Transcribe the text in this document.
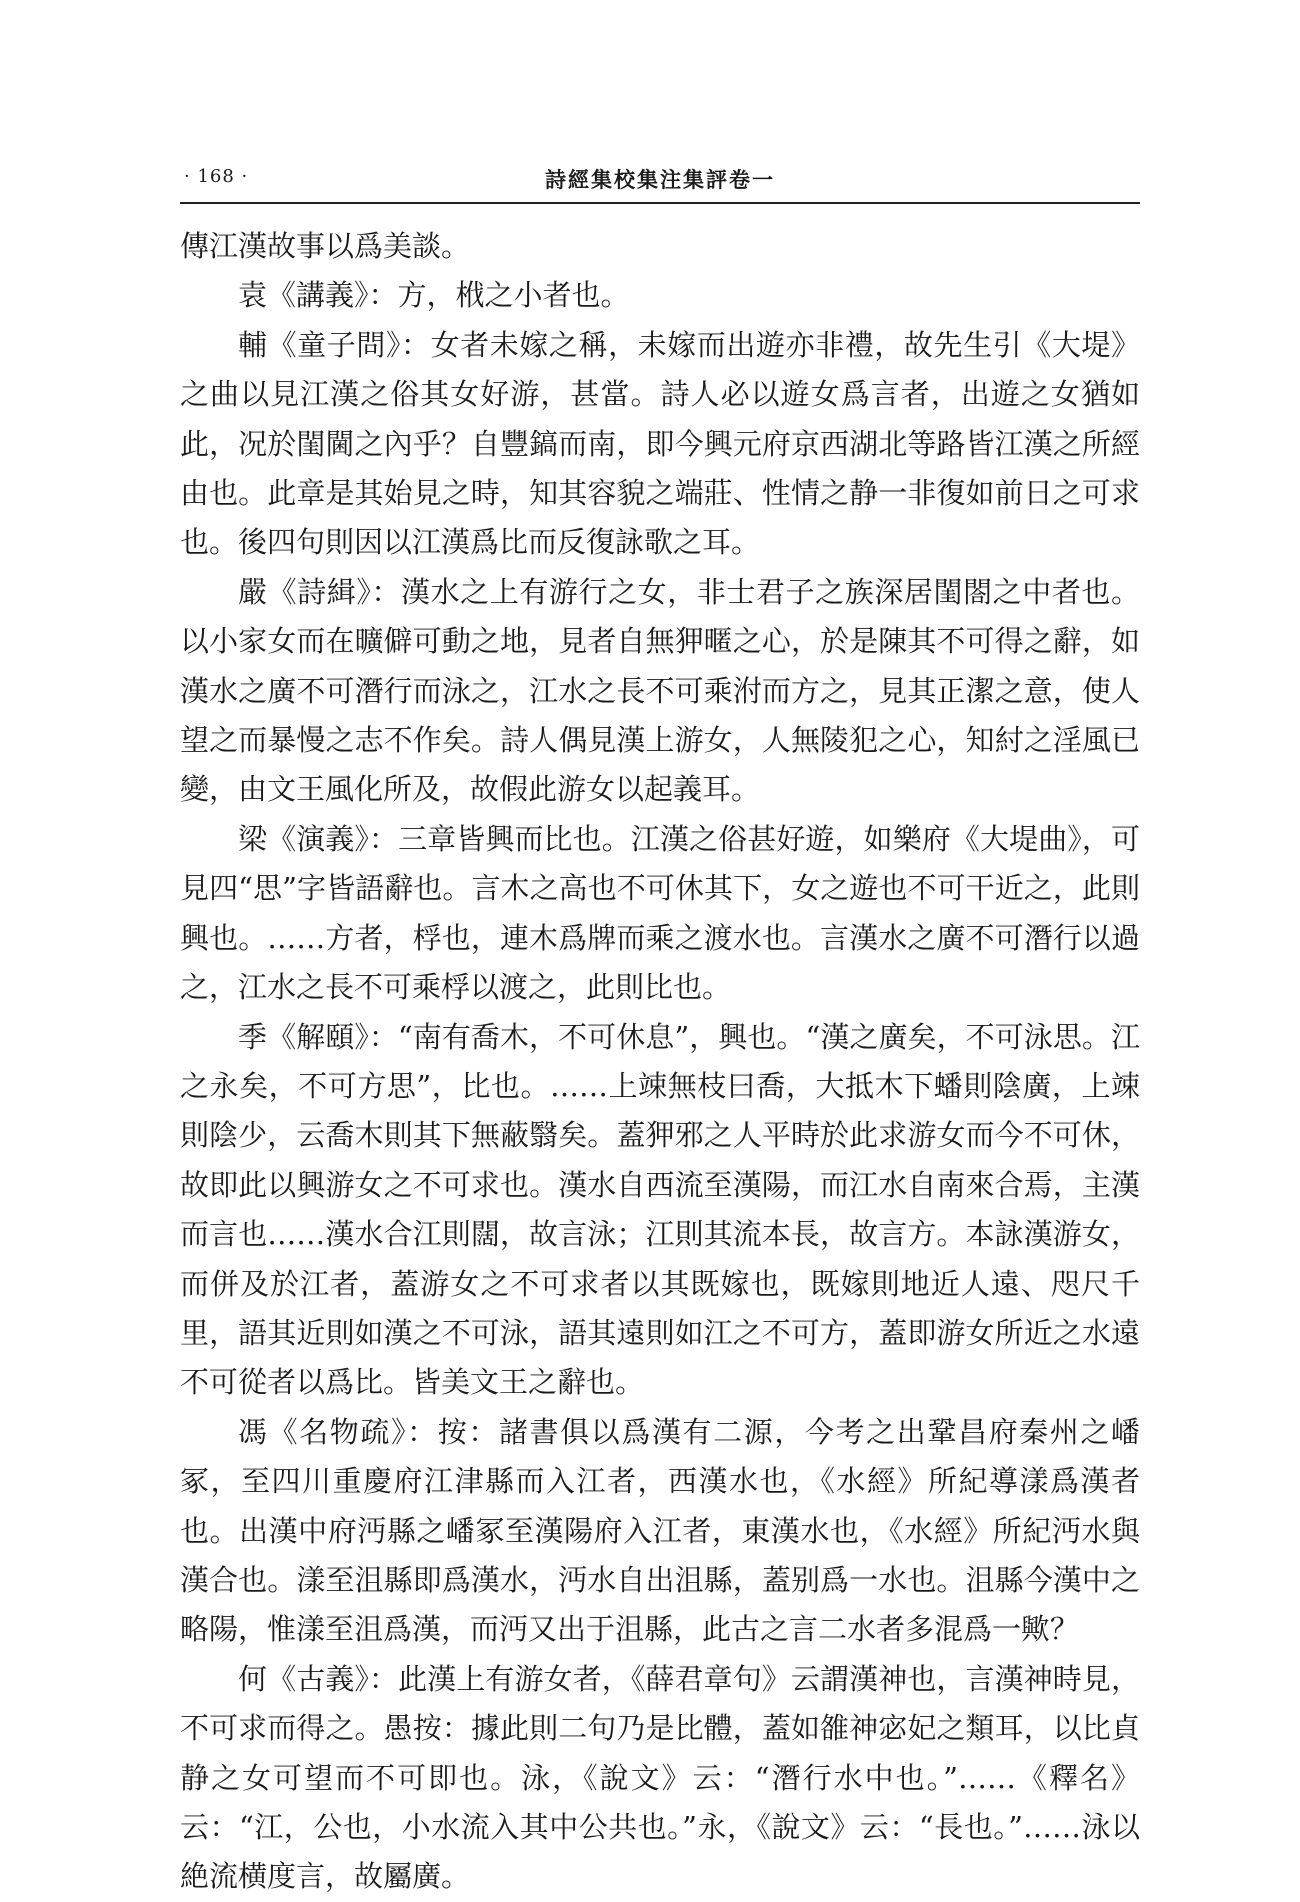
· 168 ·	詩經集校集注集評卷一

傳江漢故事以爲美談。

袁《講義》：方，栰之小者也。

輔《童子問》：女者未嫁之稱，未嫁而出遊亦非禮，故先生引《大堤》之曲以見江漢之俗其女好游，甚當。詩人必以遊女爲言者，出遊之女猶如此，况於閨閫之內乎？自豐鎬而南，即今興元府京西湖北等路皆江漢之所經由也。此章是其始見之時，知其容貌之端莊、性情之静一非復如前日之可求也。後四句則因以江漢爲比而反復詠歌之耳。

嚴《詩緝》：漢水之上有游行之女，非士君子之族深居閨閤之中者也。以小家女而在曠僻可動之地，見者自無狎暱之心，於是陳其不可得之辭，如漢水之廣不可潛行而泳之，江水之長不可乘泭而方之，見其正潔之意，使人望之而暴慢之志不作矣。詩人偶見漢上游女，人無陵犯之心，知紂之淫風已變，由文王風化所及，故假此游女以起義耳。

梁《演義》：三章皆興而比也。江漢之俗甚好遊，如樂府《大堤曲》，可見四“思”字皆語辭也。言木之高也不可休其下，女之遊也不可干近之，此則興也。……方者，桴也，連木爲牌而乘之渡水也。言漢水之廣不可潛行以過之，江水之長不可乘桴以渡之，此則比也。

季《解頤》：“南有喬木，不可休息”，興也。“漢之廣矣，不可泳思。江之永矣，不可方思”，比也。……上竦無枝曰喬，大抵木下蟠則陰廣，上竦則陰少，云喬木則其下無蔽翳矣。蓋狎邪之人平時於此求游女而今不可休，故即此以興游女之不可求也。漢水自西流至漢陽，而江水自南來合焉，主漢而言也……漢水合江則闊，故言泳；江則其流本長，故言方。本詠漢游女，而併及於江者，蓋游女之不可求者以其既嫁也，既嫁則地近人遠、咫尺千里，語其近則如漢之不可泳，語其遠則如江之不可方，蓋即游女所近之水遠不可從者以爲比。皆美文王之辭也。

馮《名物疏》：按：諸書俱以爲漢有二源，今考之出鞏昌府秦州之嶓冢，至四川重慶府江津縣而入江者，西漢水也，《水經》所紀導漾爲漢者也。出漢中府沔縣之嶓冢至漢陽府入江者，東漢水也，《水經》所紀沔水與漢合也。漾至沮縣即爲漢水，沔水自出沮縣，蓋别爲一水也。沮縣今漢中之略陽，惟漾至沮爲漢，而沔又出于沮縣，此古之言二水者多混爲一歟？

何《古義》：此漢上有游女者，《薛君章句》云謂漢神也，言漢神時見，不可求而得之。愚按：據此則二句乃是比體，蓋如雒神宓妃之類耳，以比貞静之女可望而不可即也。泳，《說文》云：“潛行水中也。”……《釋名》云：“江，公也，小水流入其中公共也。”永，《說文》云：“長也。”……泳以絶流横度言，故屬廣。
